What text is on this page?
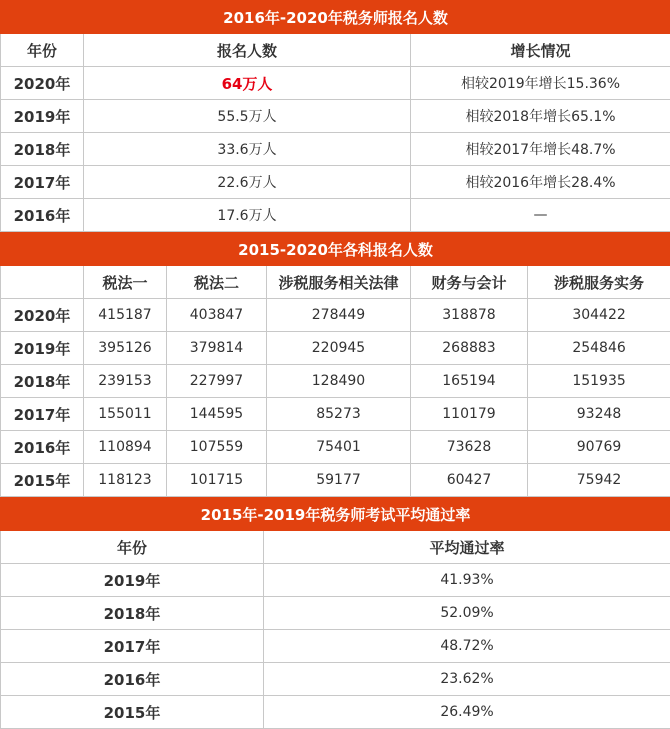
2016年-2020年税务师报名人数		
年份	报名人数	增长情况
2020年	64万人	相较2019年增长15.36%
2019年	55.5万人	相较2018年增长65.1%
2018年	33.6万人	相较2017年增长48.7%
2017年	22.6万人	相较2016年增长28.4%
2016年	17.6万人	—
2015-2020年各科报名人数					
	税法一	税法二	涉税服务相关法律	财务与会计	涉税服务实务
2020年	415187	403847	278449	318878	304422
2019年	395126	379814	220945	268883	254846
2018年	239153	227997	128490	165194	151935
2017年	155011	144595	85273	110179	93248
2016年	110894	107559	75401	73628	90769
2015年	118123	101715	59177	60427	75942
2015年-2019年税务师考试平均通过率	
年份	平均通过率
2019年	41.93%
2018年	52.09%
2017年	48.72%
2016年	23.62%
2015年	26.49%
